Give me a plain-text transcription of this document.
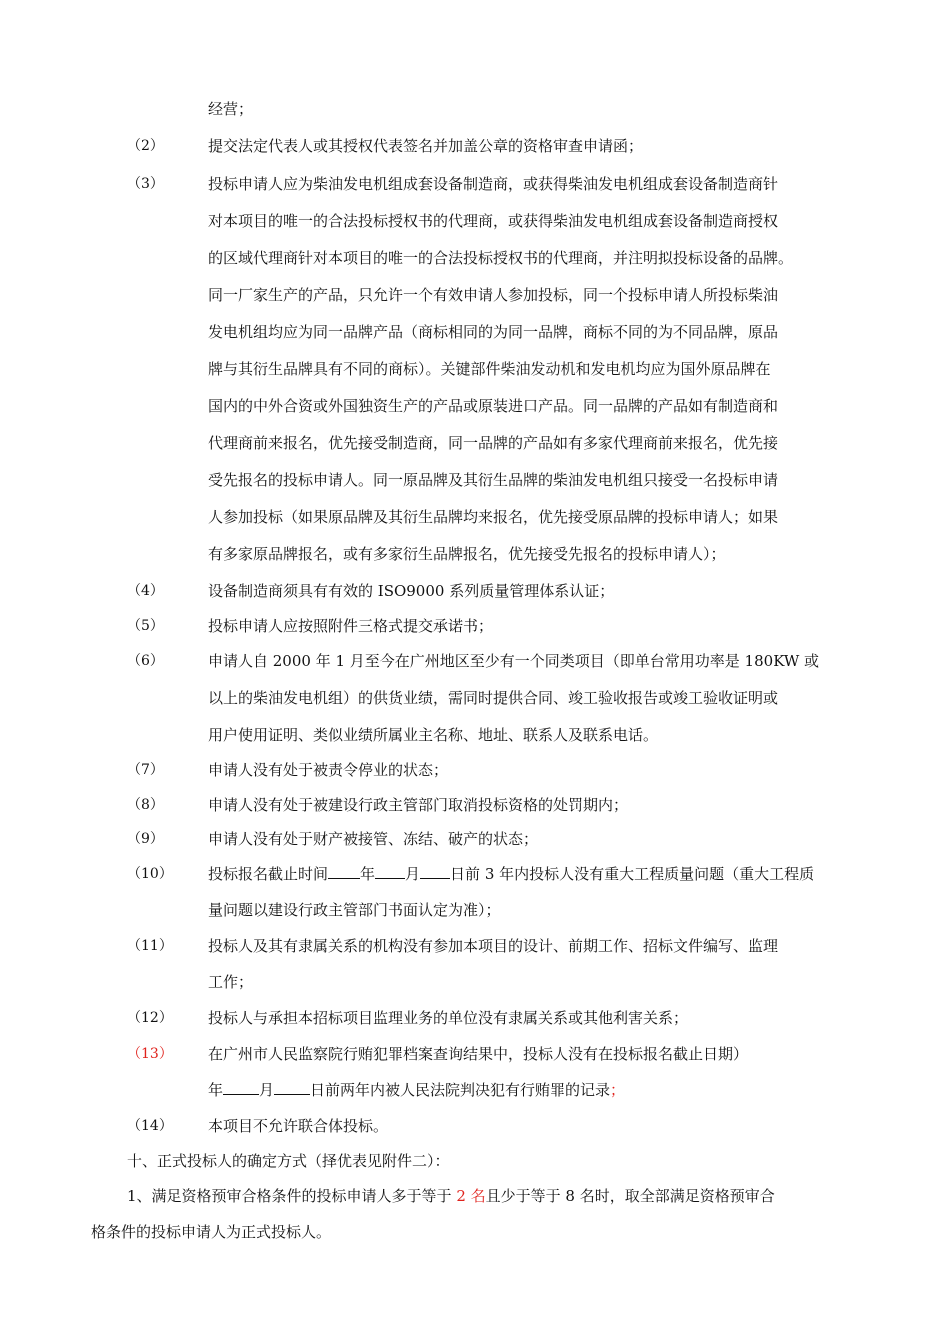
经营；
（2）	提交法定代表人或其授权代表签名并加盖公章的资格审查申请函；
（3）	投标申请人应为柴油发电机组成套设备制造商，或获得柴油发电机组成套设备制造商针
对本项目的唯一的合法投标授权书的代理商，或获得柴油发电机组成套设备制造商授权
的区域代理商针对本项目的唯一的合法投标授权书的代理商，并注明拟投标设备的品牌。
同一厂家生产的产品，只允许一个有效申请人参加投标，同一个投标申请人所投标柴油
发电机组均应为同一品牌产品（商标相同的为同一品牌，商标不同的为不同品牌，原品
牌与其衍生品牌具有不同的商标）。关键部件柴油发动机和发电机均应为国外原品牌在
国内的中外合资或外国独资生产的产品或原装进口产品。同一品牌的产品如有制造商和
代理商前来报名，优先接受制造商，同一品牌的产品如有多家代理商前来报名，优先接
受先报名的投标申请人。同一原品牌及其衍生品牌的柴油发电机组只接受一名投标申请
人参加投标（如果原品牌及其衍生品牌均来报名，优先接受原品牌的投标申请人；如果
有多家原品牌报名，或有多家衍生品牌报名，优先接受先报名的投标申请人）；
（4）	设备制造商须具有有效的 ISO9000 系列质量管理体系认证；
（5）	投标申请人应按照附件三格式提交承诺书；
（6）	申请人自 2000 年 1 月至今在广州地区至少有一个同类项目（即单台常用功率是 180KW 或
以上的柴油发电机组）的供货业绩，需同时提供合同、竣工验收报告或竣工验收证明或
用户使用证明、类似业绩所属业主名称、地址、联系人及联系电话。
（7）	申请人没有处于被责令停业的状态；
（8）	申请人没有处于被建设行政主管部门取消投标资格的处罚期内；
（9）	申请人没有处于财产被接管、冻结、破产的状态；
（10） 投标报名截止时间 年 月 日前 3 年内投标人没有重大工程质量问题（重大工程质
量问题以建设行政主管部门书面认定为准）；
（11） 投标人及其有隶属关系的机构没有参加本项目的设计、前期工作、招标文件编写、监理
工作；
（12） 投标人与承担本招标项目监理业务的单位没有隶属关系或其他利害关系；
（13） 在广州市人民监察院行贿犯罪档案查询结果中，投标人没有在投标报名截止日期）
年 月 日前两年内被人民法院判决犯有行贿罪的记录；
（14） 本项目不允许联合体投标。
十、正式投标人的确定方式（择优表见附件二）：
1、满足资格预审合格条件的投标申请人多于等于 2 名且少于等于 8 名时，取全部满足资格预审合
格条件的投标申请人为正式投标人。
